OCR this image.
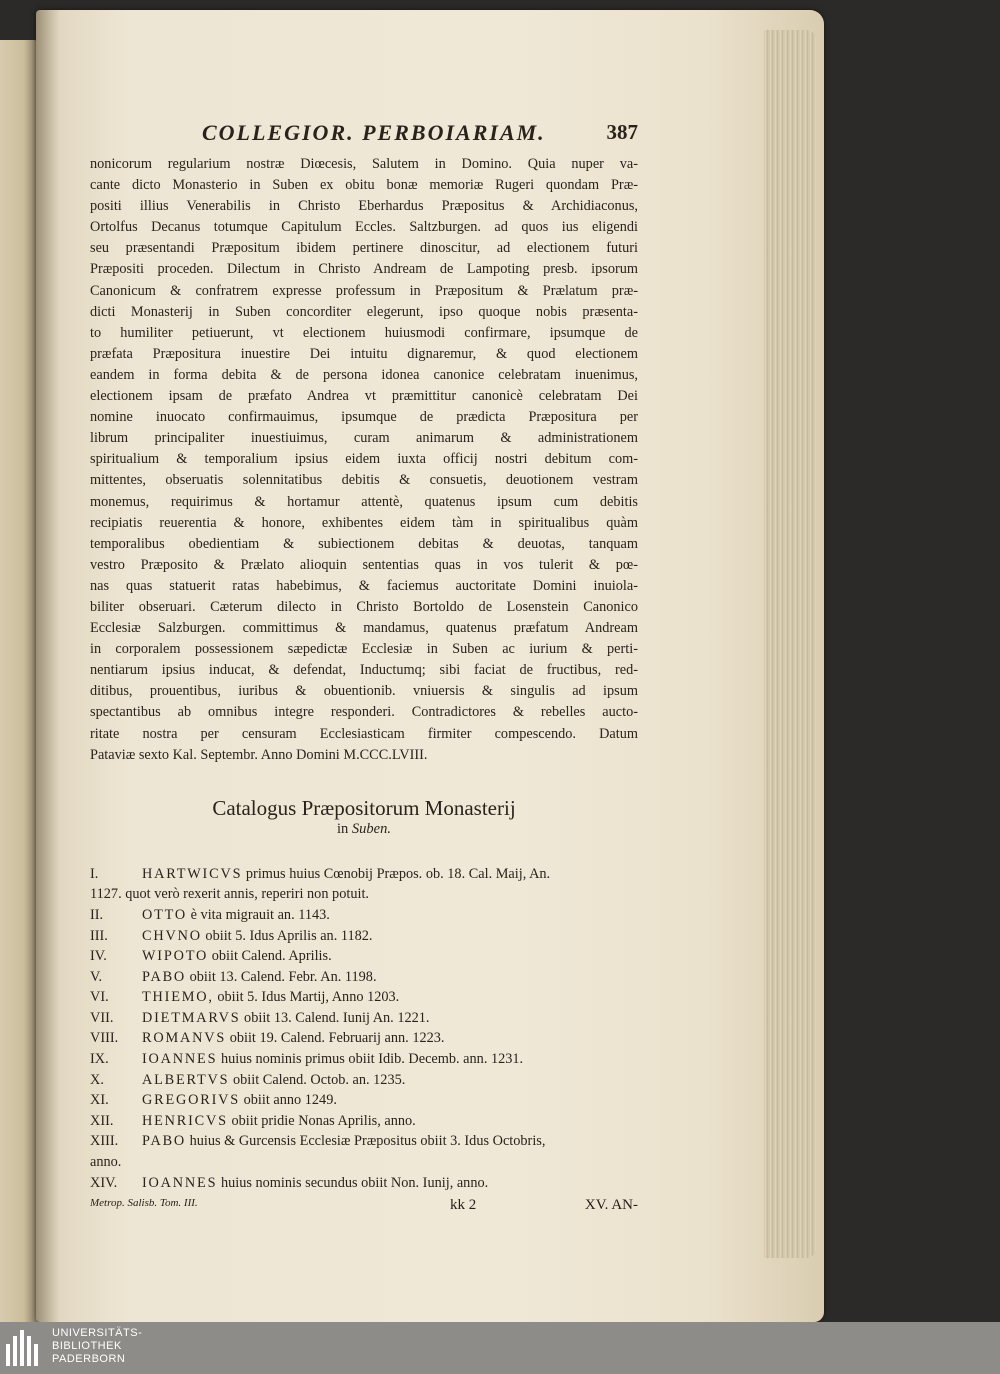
COLLEGIOR. PERBOIARIAM.	387
nonicorum regularium nostræ Diœcesis, Salutem in Domino. Quia nuper va-
cante dicto Monasterio in Suben ex obitu bonæ memoriæ Rugeri quondam Præ-
positi illius Venerabilis in Christo Eberhardus Præpositus & Archidiaconus,
Ortolfus Decanus totumque Capitulum Eccles. Saltzburgen. ad quos ius eligendi
seu præsentandi Præpositum ibidem pertinere dinoscitur, ad electionem futuri
Præpositi proceden. Dilectum in Christo Andream de Lampoting presb. ipsorum
Canonicum & confratrem expresse professum in Præpositum & Prælatum præ-
dicti Monasterij in Suben concorditer elegerunt, ipso quoque nobis præsenta-
to humiliter petiuerunt, vt electionem huiusmodi confirmare, ipsumque de
præfata Præpositura inuestire Dei intuitu dignaremur, & quod electionem
eandem in forma debita & de persona idonea canonice celebratam inuenimus,
electionem ipsam de præfato Andrea vt præmittitur canonicè celebratam Dei
nomine inuocato confirmauimus, ipsumque de prædicta Præpositura per
librum principaliter inuestiuimus, curam animarum & administrationem
spiritualium & temporalium ipsius eidem iuxta officij nostri debitum com-
mittentes, obseruatis solennitatibus debitis & consuetis, deuotionem vestram
monemus, requirimus & hortamur attentè, quatenus ipsum cum debitis
recipiatis reuerentia & honore, exhibentes eidem tàm in spiritualibus quàm
temporalibus obedientiam & subiectionem debitas & deuotas, tanquam
vestro Præposito & Prælato alioquin sententias quas in vos tulerit & pœ-
nas quas statuerit ratas habebimus, & faciemus auctoritate Domini inuiola-
biliter obseruari. Cæterum dilecto in Christo Bortoldo de Losenstein Canonico
Ecclesiæ Salzburgen. committimus & mandamus, quatenus præfatum Andream
in corporalem possessionem sæpedictæ Ecclesiæ in Suben ac iurium & perti-
nentiarum ipsius inducat, & defendat, Inductumq; sibi faciat de fructibus, red-
ditibus, prouentibus, iuribus & obuentionib. vniuersis & singulis ad ipsum
spectantibus ab omnibus integre responderi. Contradictores & rebelles aucto-
ritate nostra per censuram Ecclesiasticam firmiter compescendo. Datum
Pataviæ sexto Kal. Septembr. Anno Domini M.CCC.LVIII.
Catalogus Præpositorum Monasterij
in Suben.
I.	HARTWICVS primus huius Cœnobij Præpos. ob. 18. Cal. Maij, An.
1127. quot verò rexerit annis, reperiri non potuit.
II.	OTTO è vita migrauit an. 1143.
III. CHVNO obiit 5. Idus Aprilis an. 1182.
IV. WIPOTO obiit Calend. Aprilis.
V.	PABO obiit 13. Calend. Febr. An. 1198.
VI. THIEMO, obiit 5. Idus Martij, Anno 1203.
VII. DIETMARVS obiit 13. Calend. Iunij An. 1221.
VIII. ROMANVS obiit 19. Calend. Februarij ann. 1223.
IX. IOANNES huius nominis primus obiit Idib. Decemb. ann. 1231.
X.	ALBERTVS obiit Calend. Octob. an. 1235.
XI. GREGORIVS obiit anno 1249.
XII. HENRICVS obiit pridie Nonas Aprilis, anno.
XIII. PABO huius & Gurcensis Ecclesiæ Præpositus obiit 3. Idus Octobris,
anno.
XIV. IOANNES huius nominis secundus obiit Non. Iunij, anno.
Metrop. Salisb. Tom. III.	kk 2	XV. AN-
UNIVERSITÄTS-
BIBLIOTHEK
PADERBORN
